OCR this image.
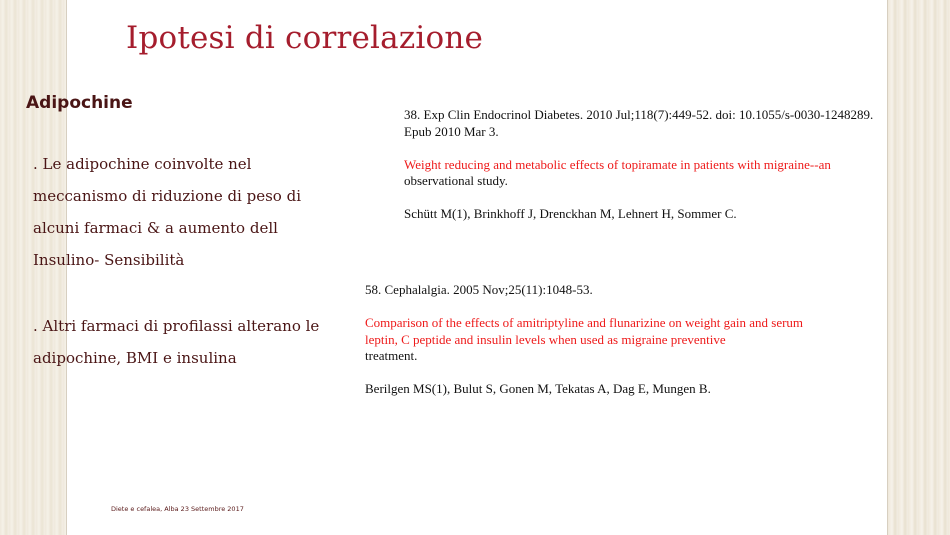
Ipotesi di correlazione
Adipochine
. Le adipochine coinvolte nel meccanismo di riduzione di peso di alcuni farmaci & a aumento dell Insulino- Sensibilità
. Altri farmaci di profilassi alterano le adipochine, BMI e insulina

38. Exp Clin Endocrinol Diabetes. 2010 Jul;118(7):449-52. doi: 10.1055/s-0030-1248289. Epub 2010 Mar 3.

Weight reducing and metabolic effects of topiramate in patients with migraine--an

observational study.

Schütt M(1), Brinkhoff J, Drenckhan M, Lehnert H, Sommer C.

58. Cephalalgia. 2005 Nov;25(11):1048-53.

Comparison of the effects of amitriptyline and flunarizine on weight gain and serum leptin, C peptide and insulin levels when used as migraine preventive

treatment.

Berilgen MS(1), Bulut S, Gonen M, Tekatas A, Dag E, Mungen B.

Diete e cefalea, Alba 23 Settembre 2017
